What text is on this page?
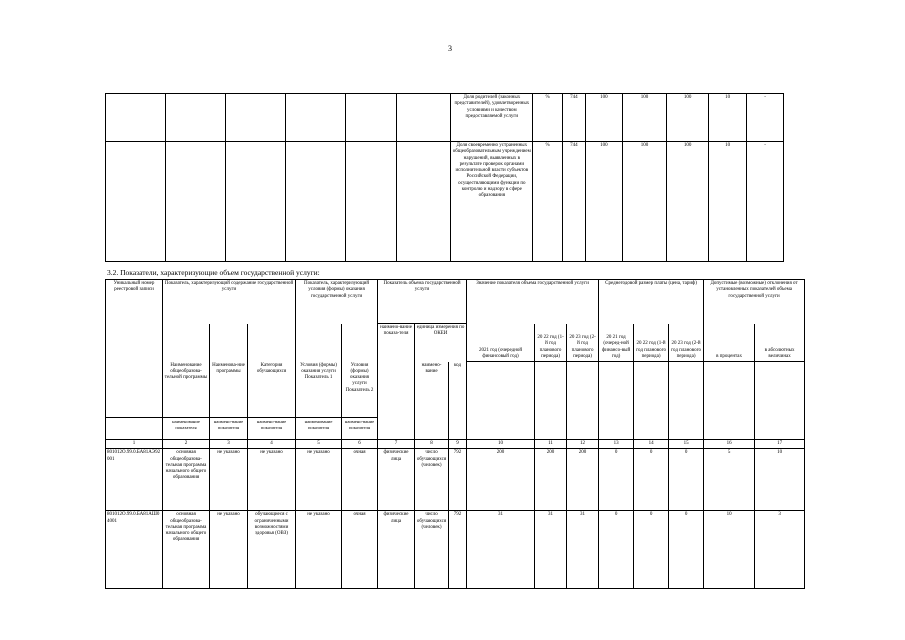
3
						Доля родителей (законных представителей), удовлетворенных условиями и качеством предоставляемой услуги	%	744	100	100	100	10	-
						Доля своевременно устраненных общеобразовательным учреждением нарушений, выявленных в результате проверок органами исполнительной власти субъектов Российской Федерации, осуществляющими функции по контролю и надзору в сфере образования	%	744	100	100	100	10	-
3.2. Показатели, характеризующие объем государственной услуги:
Уникальный номер реестровой записи	Показатель, характеризующий содержание государственной услуги			Показатель, характеризующий условия (формы) оказания государственной услуги		Показатель объема государственной услуги			Значение показателя объема государственной услуги			Среднегодовой размер платы (цена, тариф)			Допустимые (возможные) отклонения от установленных показателей объема государственной услуги	
						наимено-вание показа-теля	единица измерения по ОКЕИ		2021 год (очередной финансовый год)	20 22 год (1-й год планового периода)	20 23 год (2-й год планового периода)	20 21 год (очеред-ной финансо-вый год)	20 22 год (1-й год планового периода)	20 23 год (2-й год планового периода)	в процентах	в абсолютных величинах
	Наименование общеобразова-тельной программы	Наименова-ние программы	Категория обучающихся	Условия (формы) оказания услуги Показатель 1	Условия (формы) оказания услуги Показатель 2		наимено-вание	код								
	наименование показателя	наимено-вание показателя	наимено-вание показателя	наименование показателя	наимено-вание показателя											
1	2	3	4	5	6	7	8	9	10	11	12	13	14	15	16	17
801012О.99.0.БА81АЭ92001	основная общеобразова-тельная программа начального общего образования	не указано	не указано	не указано	очная	физические лица	число обучающихся (человек)	792	200	200	200	0	0	0	5	10
801012О.99.0.БА81АШ04001	основная общеобразова-тельная программа начального общего образования	не указано	обучающиеся с ограниченными возможностями здоровья (ОВЗ)	не указано	очная	физические лица	число обучающихся (человек)	792	31	31	31	0	0	0	10	3
